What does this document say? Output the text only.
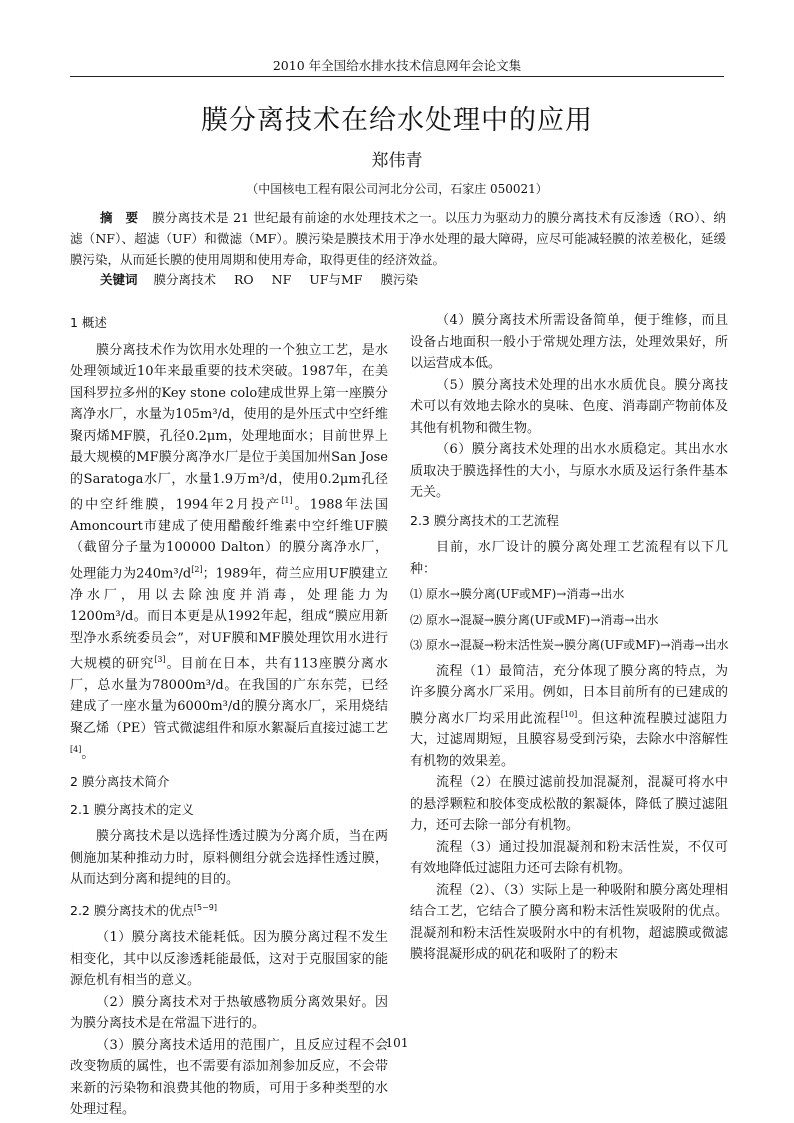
2010 年全国给水排水技术信息网年会论文集
膜分离技术在给水处理中的应用
郑伟青
（中国核电工程有限公司河北分公司，石家庄 050021）
摘　要 膜分离技术是 21 世纪最有前途的水处理技术之一。以压力为驱动力的膜分离技术有反渗透（RO）、纳滤（NF）、超滤（UF）和微滤（MF）。膜污染是膜技术用于净水处理的最大障碍，应尽可能减轻膜的浓差极化，延缓膜污染，从而延长膜的使用周期和使用寿命，取得更佳的经济效益。
关键词 膜分离技术 RO NF UF与MF 膜污染
1 概述

膜分离技术作为饮用水处理的一个独立工艺，是水处理领域近10年来最重要的技术突破。1987年，在美国科罗拉多州的Key stone colo建成世界上第一座膜分离净水厂，水量为105m³/d，使用的是外压式中空纤维聚丙烯MF膜，孔径0.2μm，处理地面水；目前世界上最大规模的MF膜分离净水厂是位于美国加州San Jose的Saratoga水厂，水量1.9万m³/d，使用0.2μm孔径的中空纤维膜，1994年2月投产[1]。1988年法国Amoncourt市建成了使用醋酸纤维素中空纤维UF膜（截留分子量为100000 Dalton）的膜分离净水厂，处理能力为240m³/d[2]；1989年，荷兰应用UF膜建立净水厂，用以去除浊度并消毒，处理能力为1200m³/d。而日本更是从1992年起，组成“膜应用新型净水系统委员会”，对UF膜和MF膜处理饮用水进行大规模的研究[3]。目前在日本，共有113座膜分离水厂，总水量为78000m³/d。在我国的广东东莞，已经建成了一座水量为6000m³/d的膜分离水厂，采用烧结聚乙烯（PE）管式微滤组件和原水絮凝后直接过滤工艺[4]。

2 膜分离技术简介
2.1 膜分离技术的定义

膜分离技术是以选择性透过膜为分离介质，当在两侧施加某种推动力时，原料侧组分就会选择性透过膜，从而达到分离和提纯的目的。

2.2 膜分离技术的优点[5~9]

（1）膜分离技术能耗低。因为膜分离过程不发生相变化，其中以反渗透耗能最低，这对于克服国家的能源危机有相当的意义。

（2）膜分离技术对于热敏感物质分离效果好。因为膜分离技术是在常温下进行的。

（3）膜分离技术适用的范围广，且反应过程不会改变物质的属性，也不需要有添加剂参加反应，不会带来新的污染物和浪费其他的物质，可用于多种类型的水处理过程。

（4）膜分离技术所需设备简单，便于维修，而且设备占地面积一般小于常规处理方法，处理效果好，所以运营成本低。

（5）膜分离技术处理的出水水质优良。膜分离技术可以有效地去除水的臭味、色度、消毒副产物前体及其他有机物和微生物。

（6）膜分离技术处理的出水水质稳定。其出水水质取决于膜选择性的大小，与原水水质及运行条件基本无关。

2.3 膜分离技术的工艺流程

目前，水厂设计的膜分离处理工艺流程有以下几种：

⑴ 原水→膜分离(UF或MF)→消毒→出水
⑵ 原水→混凝→膜分离(UF或MF)→消毒→出水
⑶ 原水→混凝→粉末活性炭→膜分离(UF或MF)→消毒→出水

流程（1）最简洁，充分体现了膜分离的特点，为许多膜分离水厂采用。例如，日本目前所有的已建成的膜分离水厂均采用此流程[10]。但这种流程膜过滤阻力大，过滤周期短，且膜容易受到污染，去除水中溶解性有机物的效果差。

流程（2）在膜过滤前投加混凝剂，混凝可将水中的悬浮颗粒和胶体变成松散的絮凝体，降低了膜过滤阻力，还可去除一部分有机物。

流程（3）通过投加混凝剂和粉末活性炭，不仅可有效地降低过滤阻力还可去除有机物。

流程（2）、（3）实际上是一种吸附和膜分离处理相结合工艺，它结合了膜分离和粉末活性炭吸附的优点。混凝剂和粉末活性炭吸附水中的有机物，超滤膜或微滤膜将混凝形成的矾花和吸附了的粉末

101
